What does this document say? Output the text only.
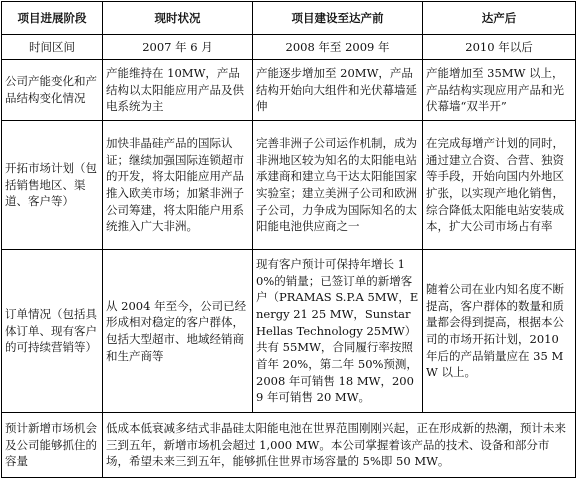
项目进展阶段	现时状况	项目建设至达产前	达产后
时间区间	2007 年 6 月	2008 年至 2009 年	2010 年以后
公司产能变化和产品结构变化情况	产能维持在 10MW，产品结构以太阳能应用产品及供电系统为主	产能逐步增加至 20MW，产品结构开始向大组件和光伏幕墙延伸	产能增加至 35MW 以上，产品结构实现应用产品和光伏幕墙“双半开”
开拓市场计划（包括销售地区、渠道、客户等）	加快非晶硅产品的国际认证；继续加强国际连锁超市的开发，将太阳能应用产品推入欧美市场；加紧非洲子公司筹建，将太阳能户用系统推入广大非洲。	完善非洲子公司运作机制，成为非洲地区较为知名的太阳能电站承建商和建立乌干达太阳能国家实验室；建立美洲子公司和欧洲子公司，力争成为国际知名的太阳能电池供应商之一	在完成每增产计划的同时，通过建立合资、合营、独资等手段，开始向国内外地区扩张，以实现产地化销售，综合降低太阳能电站安装成本，扩大公司市场占有率
订单情况（包括具体订单、现有客户的可持续营销等）	从 2004 年至今，公司已经形成相对稳定的客户群体，包括大型超市、地域经销商和生产商等	现有客户预计可保持年增长 10%的销量；已签订单的新增客户（PRAMAS S.P.A 5MW，Energy 21 25 MW，Sunstar Hellas Technology 25MW）共有 55MW，合同履行率按照首年 20%，第二年 50%预测，2008 年可销售 18 MW，2009 年可销售 20 MW。	随着公司在业内知名度不断提高，客户群体的数量和质量都会得到提高，根据本公司的市场开拓计划，2010 年后的产品销量应在 35 MW 以上。
预计新增市场机会及公司能够抓住的容量	低成本低衰减多结式非晶硅太阳能电池在世界范围刚刚兴起，正在形成新的热潮，预计未来三到五年，新增市场机会超过 1,000 MW。本公司掌握着该产品的技术、设备和部分市场，希望未来三到五年，能够抓住世界市场容量的 5%即 50 MW。		
